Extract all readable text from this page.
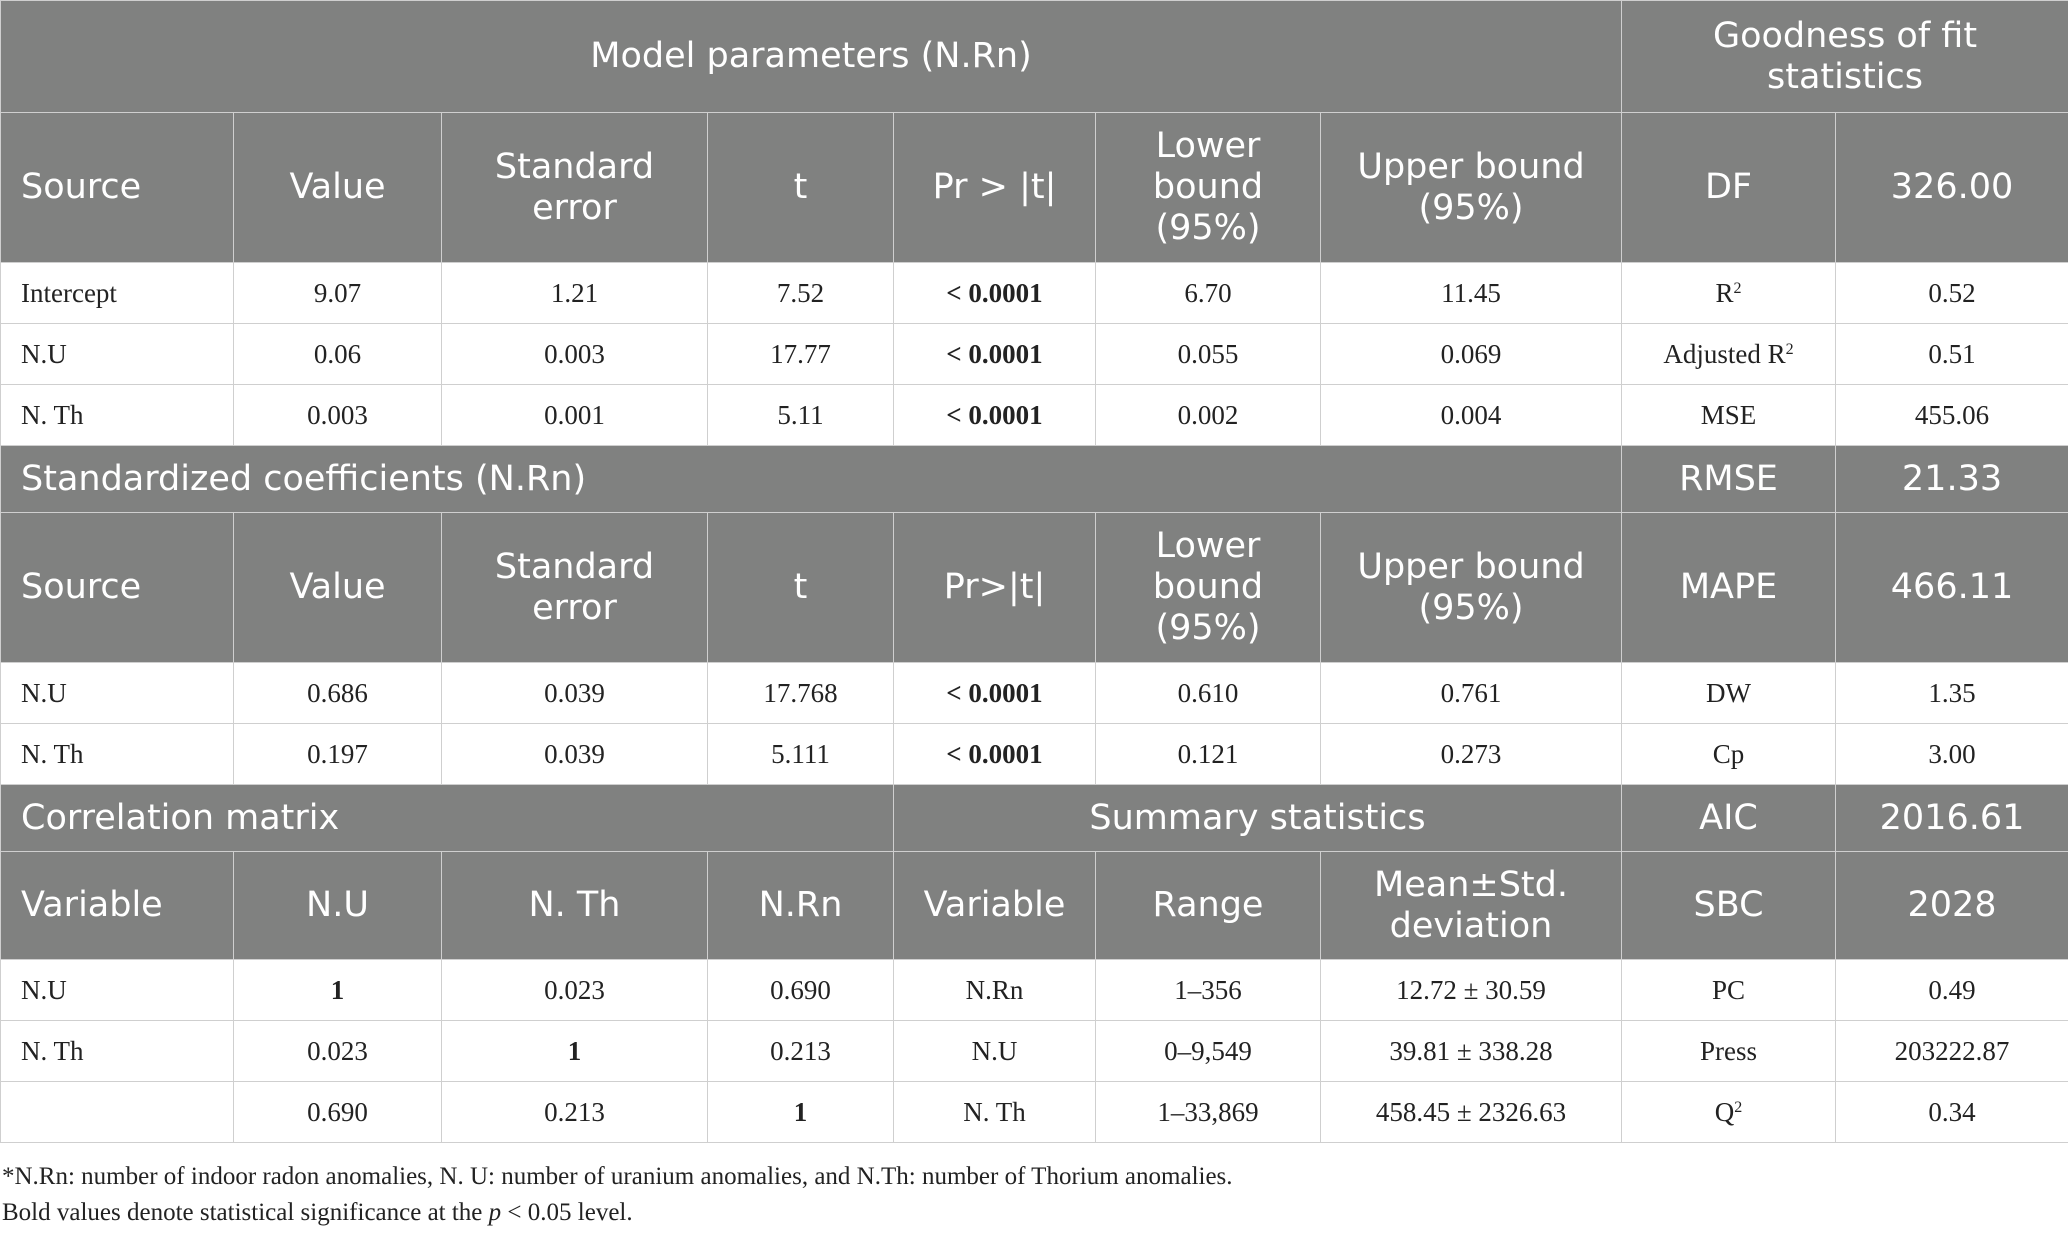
Model parameters (N.Rn)							Goodness of fit statistics	
Source	Value	Standard error	t	Pr > |t|	Lower bound (95%)	Upper bound (95%)	DF	326.00
Intercept	9.07	1.21	7.52	< 0.0001	6.70	11.45	$R^2$	0.52
N.U	0.06	0.003	17.77	< 0.0001	0.055	0.069	Adjusted $R^2$	0.51
N. Th	0.003	0.001	5.11	< 0.0001	0.002	0.004	MSE	455.06
Standardized coefficients (N.Rn)							RMSE	21.33
Source	Value	Standard error	t	Pr>|t|	Lower bound (95%)	Upper bound (95%)	MAPE	466.11
N.U	0.686	0.039	17.768	< 0.0001	0.610	0.761	DW	1.35
N. Th	0.197	0.039	5.111	< 0.0001	0.121	0.273	Cp	3.00
Correlation matrix				Summary statistics			AIC	2016.61
Variable	N.U	N. Th	N.Rn	Variable	Range	Mean±Std. deviation	SBC	2028
N.U	1	0.023	0.690	N.Rn	1–356	12.72 ± 30.59	PC	0.49
N. Th	0.023	1	0.213	N.U	0–9,549	39.81 ± 338.28	Press	203222.87
	0.690	0.213	1	N. Th	1–33,869	458.45 ± 2326.63	$Q^2$	0.34
*N.Rn: number of indoor radon anomalies, N. U: number of uranium anomalies, and N.Th: number of Thorium anomalies.
Bold values denote statistical significance at the p < 0.05 level.
